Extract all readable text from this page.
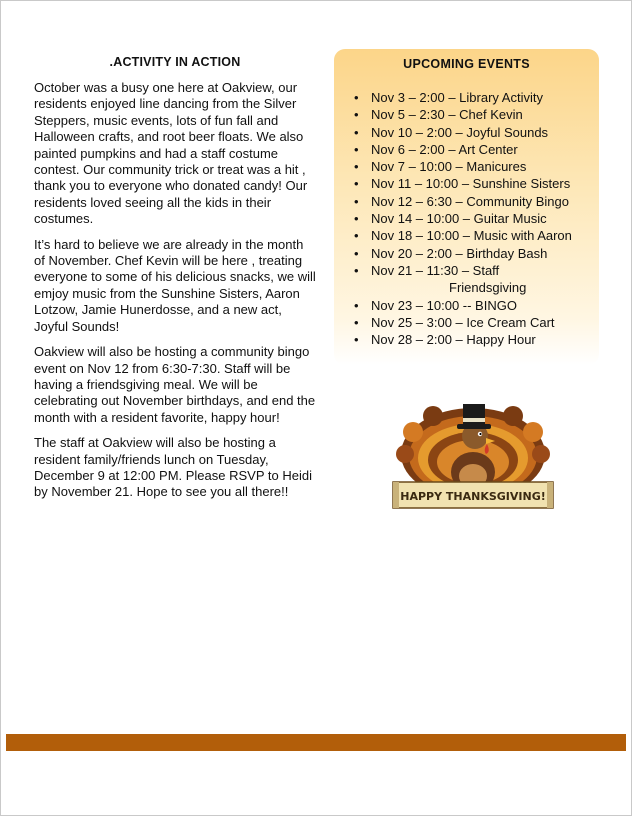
.ACTIVITY IN ACTION

October was a busy one here at Oakview, our residents enjoyed line dancing from the Silver Steppers, music events, lots of fun fall and Halloween crafts, and root beer floats. We also painted pumpkins and had a staff costume contest. Our community trick or treat was a hit , thank you to everyone who donated candy! Our residents loved seeing all the kids in their costumes.

It’s hard to believe we are already in the month of November. Chef Kevin will be here , treating everyone to some of his delicious snacks, we will emjoy music from the Sunshine Sisters, Aaron Lotzow, Jamie Hunerdosse, and a new act, Joyful Sounds!

Oakview will also be hosting a community bingo event on Nov 12 from 6:30-7:30. Staff will be having a friendsgiving meal. We will be celebrating out November birthdays, and end the month with a resident favorite, happy hour!

The staff at Oakview will also be hosting a resident family/friends lunch on Tuesday, December 9 at 12:00 PM. Please RSVP to Heidi by November 21. Hope to see you all there!!

UPCOMING EVENTS
• Nov 3 – 2:00 – Library Activity
• Nov 5 – 2:30 – Chef Kevin
• Nov 10 – 2:00 – Joyful Sounds
• Nov 6 – 2:00 – Art Center
• Nov 7 – 10:00 – Manicures
• Nov 11 – 10:00 – Sunshine Sisters
• Nov 12 – 6:30 – Community Bingo
• Nov 14 – 10:00 – Guitar Music
• Nov 18 – 10:00 – Music with Aaron
• Nov 20 – 2:00 – Birthday Bash
• Nov 21 – 11:30 – Staff
Friendsgiving
• Nov 23 – 10:00 -- BINGO
• Nov 25 – 3:00 – Ice Cream Cart
• Nov 28 – 2:00 – Happy Hour
HAPPY THANKSGIVING!
